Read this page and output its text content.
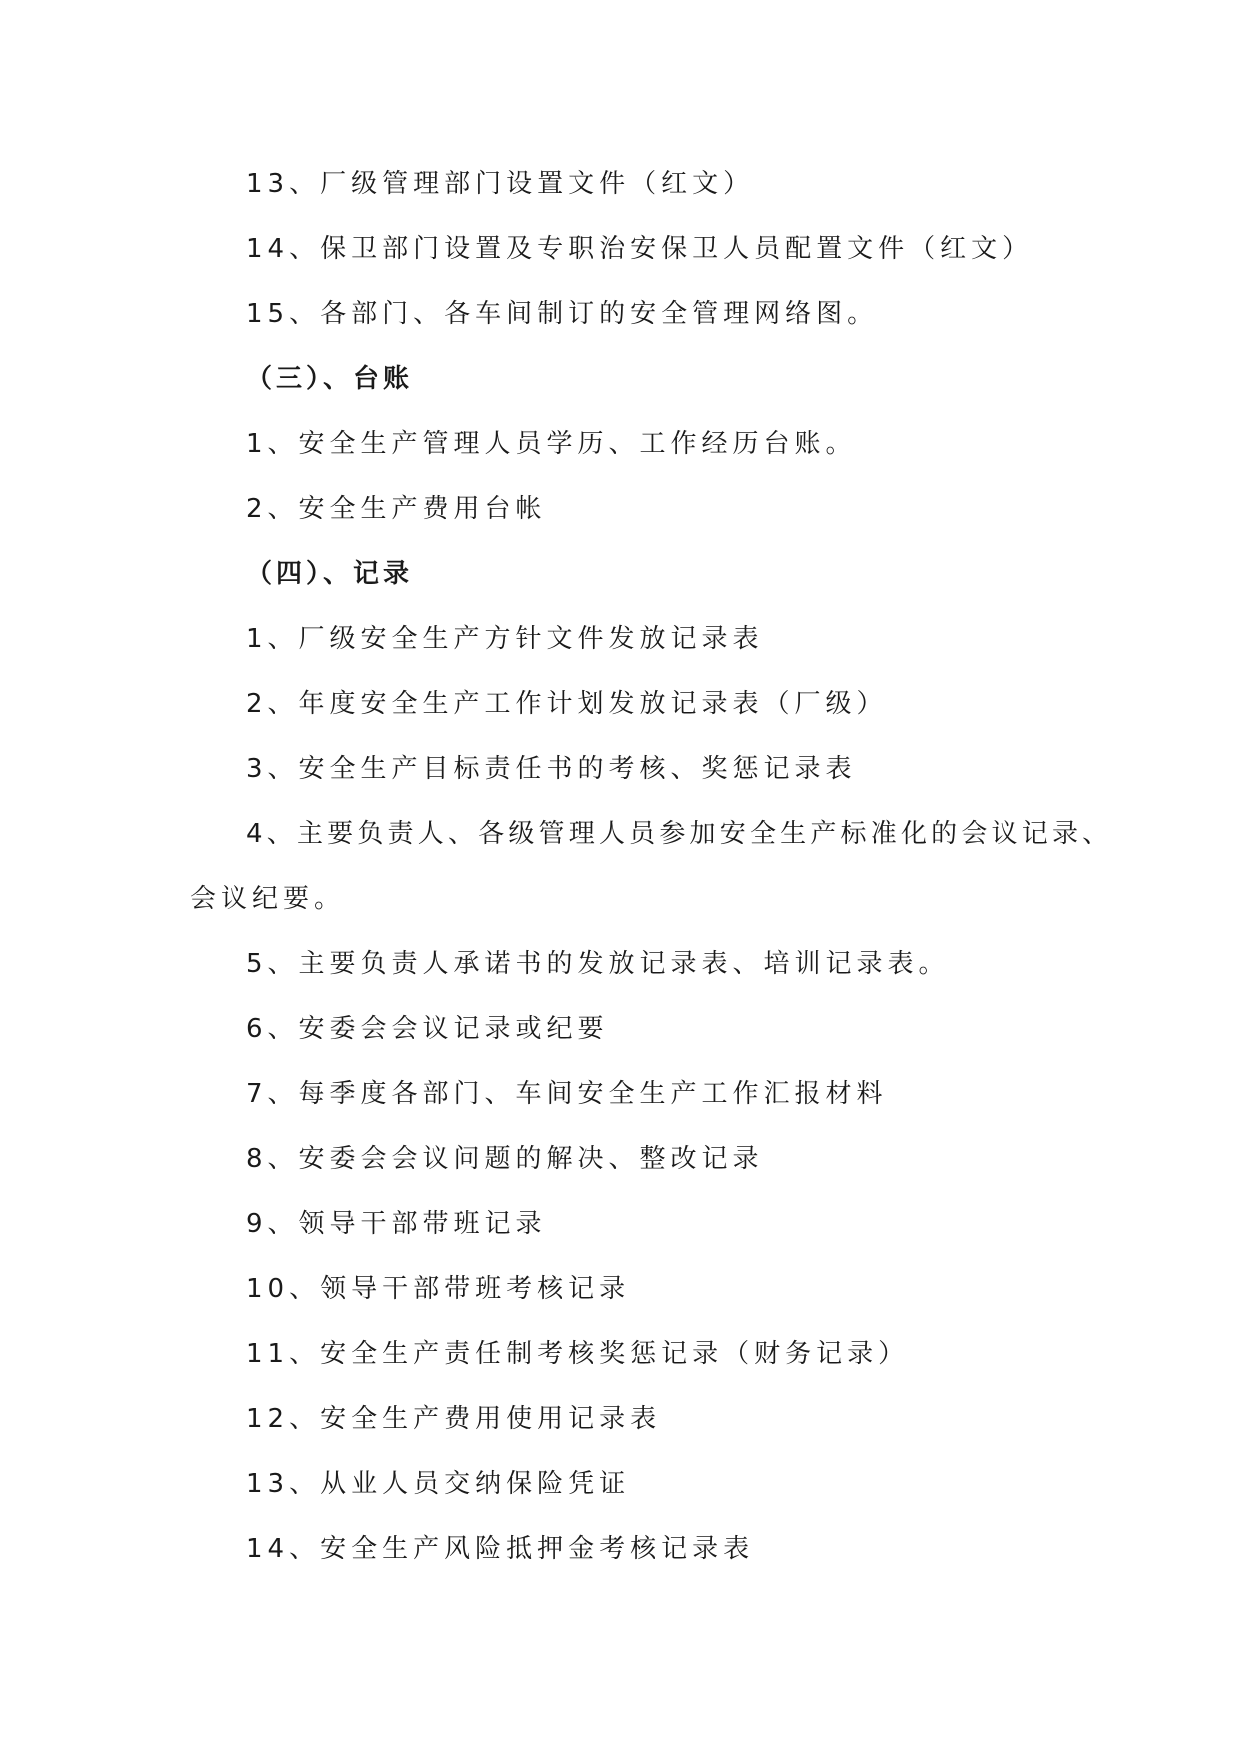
13、厂级管理部门设置文件（红文）
14、保卫部门设置及专职治安保卫人员配置文件（红文）
15、各部门、各车间制订的安全管理网络图。
（三）、台账
1、安全生产管理人员学历、工作经历台账。
2、安全生产费用台帐
（四）、记录
1、厂级安全生产方针文件发放记录表
2、年度安全生产工作计划发放记录表（厂级）
3、安全生产目标责任书的考核、奖惩记录表
4、主要负责人、各级管理人员参加安全生产标准化的会议记录、
会议纪要。
5、主要负责人承诺书的发放记录表、培训记录表。
6、安委会会议记录或纪要
7、每季度各部门、车间安全生产工作汇报材料
8、安委会会议问题的解决、整改记录
9、领导干部带班记录
10、领导干部带班考核记录
11、安全生产责任制考核奖惩记录（财务记录）
12、安全生产费用使用记录表
13、从业人员交纳保险凭证
14、安全生产风险抵押金考核记录表
